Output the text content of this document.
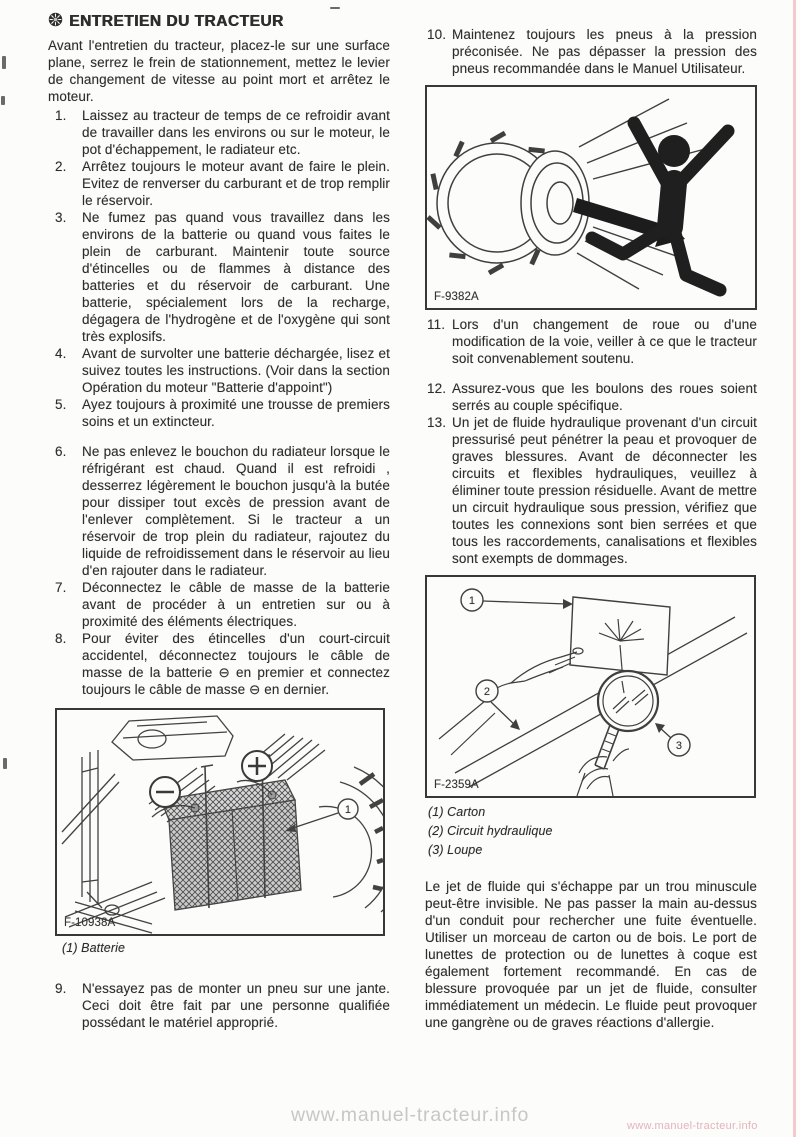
ENTRETIEN DU TRACTEUR

Avant l'entretien du tracteur, placez-le sur une surface plane, serrez le frein de stationnement, mettez le levier de changement de vitesse au point mort et arrêtez le moteur.

1.	Laissez au tracteur de temps de ce refroidir avant de travailler dans les environs ou sur le moteur, le pot d'échappement, le radiateur etc.
2.	Arrêtez toujours le moteur avant de faire le plein. Evitez de renverser du carburant et de trop remplir le réservoir.
3.	Ne fumez pas quand vous travaillez dans les environs de la batterie ou quand vous faites le plein de carburant. Maintenir toute source d'étincelles ou de flammes à distance des batteries et du réservoir de carburant. Une batterie, spécialement lors de la recharge, dégagera de l'hydrogène et de l'oxygène qui sont très explosifs.
4.	Avant de survolter une batterie déchargée, lisez et suivez toutes les instructions. (Voir dans la section Opération du moteur "Batterie d'appoint")
5.	Ayez toujours à proximité une trousse de premiers soins et un extincteur.
6.	Ne pas enlevez le bouchon du radiateur lorsque le réfrigérant est chaud. Quand il est refroidi , desserrez légèrement le bouchon jusqu'à la butée pour dissiper tout excès de pression avant de l'enlever complètement. Si le tracteur a un réservoir de trop plein du radiateur, rajoutez du liquide de refroidissement dans le réservoir au lieu d'en rajouter dans le radiateur.
7.	Déconnectez le câble de masse de la batterie avant de procéder à un entretien sur ou à proximité des éléments électriques.
8.	Pour éviter des étincelles d'un court-circuit accidentel, déconnectez toujours le câble de masse de la batterie ⊖ en premier et connectez toujours le câble de masse ⊖ en dernier.
1
F-10938A
(1) Batterie
9.	N'essayez pas de monter un pneu sur une jante. Ceci doit être fait par une personne qualifiée possédant le matériel approprié.
10. Maintenez toujours les pneus à la pression préconisée. Ne pas dépasser la pression des pneus recommandée dans le Manuel Utilisateur.
F-9382A
11. Lors d'un changement de roue ou d'une modification de la voie, veiller à ce que le tracteur soit convenablement soutenu.
12. Assurez-vous que les boulons des roues soient serrés au couple spécifique.
13. Un jet de fluide hydraulique provenant d'un circuit pressurisé peut pénétrer la peau et provoquer de graves blessures. Avant de déconnecter les circuits et flexibles hydrauliques, veuillez à éliminer toute pression résiduelle. Avant de mettre un circuit hydraulique sous pression, vérifiez que toutes les connexions sont bien serrées et que tous les raccordements, canalisations et flexibles sont exempts de dommages.
1
2
3
F-2359A
(1) Carton
(2) Circuit hydraulique
(3) Loupe

Le jet de fluide qui s'échappe par un trou minuscule peut-être invisible. Ne pas passer la main au-dessus d'un conduit pour rechercher une fuite éventuelle. Utiliser un morceau de carton ou de bois. Le port de lunettes de protection ou de lunettes à coque est également fortement recommandé. En cas de blessure provoquée par un jet de fluide, consulter immédiatement un médecin. Le fluide peut provoquer une gangrène ou de graves réactions d'allergie.

www.manuel-tracteur.info	www.manuel-tracteur.info
